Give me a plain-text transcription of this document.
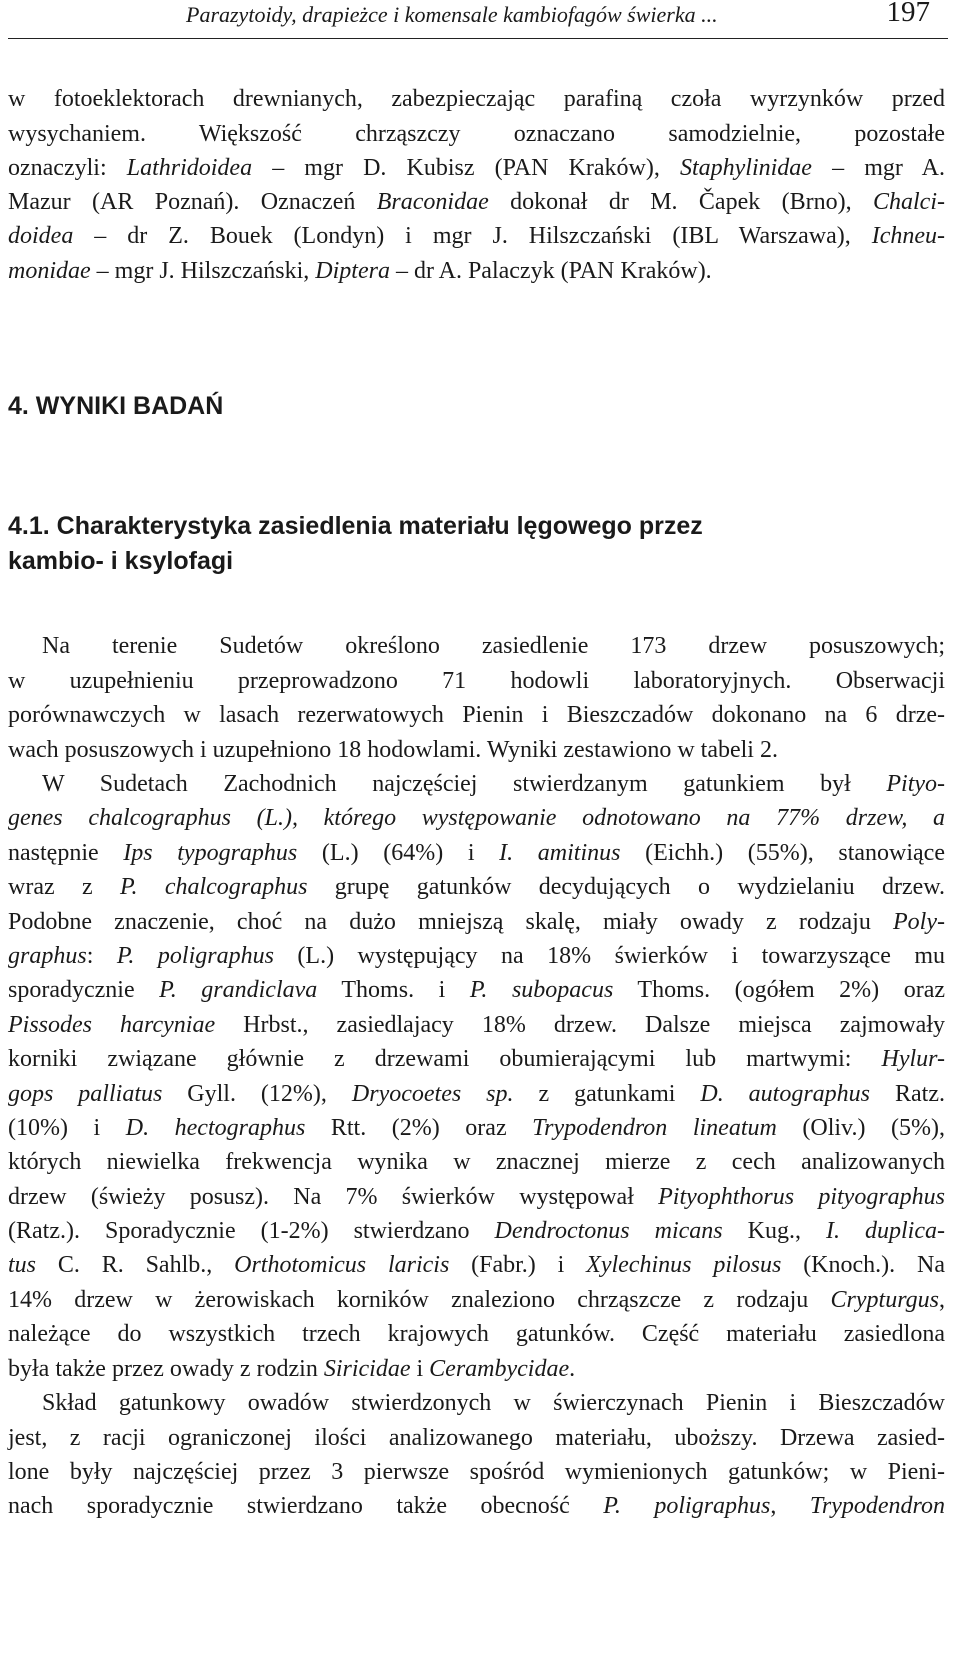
Parazytoidy, drapieżce i komensale kambiofagów świerka ...	197
w fotoeklektorach drewnianych, zabezpieczając parafiną czoła wyrzynków przed
wysychaniem. Większość chrząszczy oznaczano samodzielnie, pozostałe
oznaczyli: Lathridoidea – mgr D. Kubisz (PAN Kraków), Staphylinidae – mgr A.
Mazur (AR Poznań). Oznaczeń Braconidae dokonał dr M. Čapek (Brno), Chalci-
doidea – dr Z. Bouek (Londyn) i mgr J. Hilszczański (IBL Warszawa), Ichneu-
monidae – mgr J. Hilszczański, Diptera – dr A. Palaczyk (PAN Kraków).
4. WYNIKI BADAŃ
4.1. Charakterystyka zasiedlenia materiału lęgowego przez
kambio- i ksylofagi
Na terenie Sudetów określono zasiedlenie 173 drzew posuszowych;
w uzupełnieniu przeprowadzono 71 hodowli laboratoryjnych. Obserwacji
porównawczych w lasach rezerwatowych Pienin i Bieszczadów dokonano na 6 drze-
wach posuszowych i uzupełniono 18 hodowlami. Wyniki zestawiono w tabeli 2.
W Sudetach Zachodnich najczęściej stwierdzanym gatunkiem był Pityo-
genes chalcographus (L.), którego występowanie odnotowano na 77% drzew, a
następnie Ips typographus (L.) (64%) i I. amitinus (Eichh.) (55%), stanowiące
wraz z P. chalcographus grupę gatunków decydujących o wydzielaniu drzew.
Podobne znaczenie, choć na dużo mniejszą skalę, miały owady z rodzaju Poly-
graphus: P. poligraphus (L.) występujący na 18% świerków i towarzyszące mu
sporadycznie P. grandiclava Thoms. i P. subopacus Thoms. (ogółem 2%) oraz
Pissodes harcyniae Hrbst., zasiedlajacy 18% drzew. Dalsze miejsca zajmowały
korniki związane głównie z drzewami obumierającymi lub martwymi: Hylur-
gops palliatus Gyll. (12%), Dryocoetes sp. z gatunkami D. autographus Ratz.
(10%) i D. hectographus Rtt. (2%) oraz Trypodendron lineatum (Oliv.) (5%),
których niewielka frekwencja wynika w znacznej mierze z cech analizowanych
drzew (świeży posusz). Na 7% świerków występował Pityophthorus pityographus
(Ratz.). Sporadycznie (1-2%) stwierdzano Dendroctonus micans Kug., I. duplica-
tus C. R. Sahlb., Orthotomicus laricis (Fabr.) i Xylechinus pilosus (Knoch.). Na
14% drzew w żerowiskach korników znaleziono chrząszcze z rodzaju Crypturgus,
należące do wszystkich trzech krajowych gatunków. Część materiału zasiedlona
była także przez owady z rodzin Siricidae i Cerambycidae.
Skład gatunkowy owadów stwierdzonych w świerczynach Pienin i Bieszczadów
jest, z racji ograniczonej ilości analizowanego materiału, uboższy. Drzewa zasied-
lone były najczęściej przez 3 pierwsze spośród wymienionych gatunków; w Pieni-
nach sporadycznie stwierdzano także obecność P. poligraphus, Trypodendron
